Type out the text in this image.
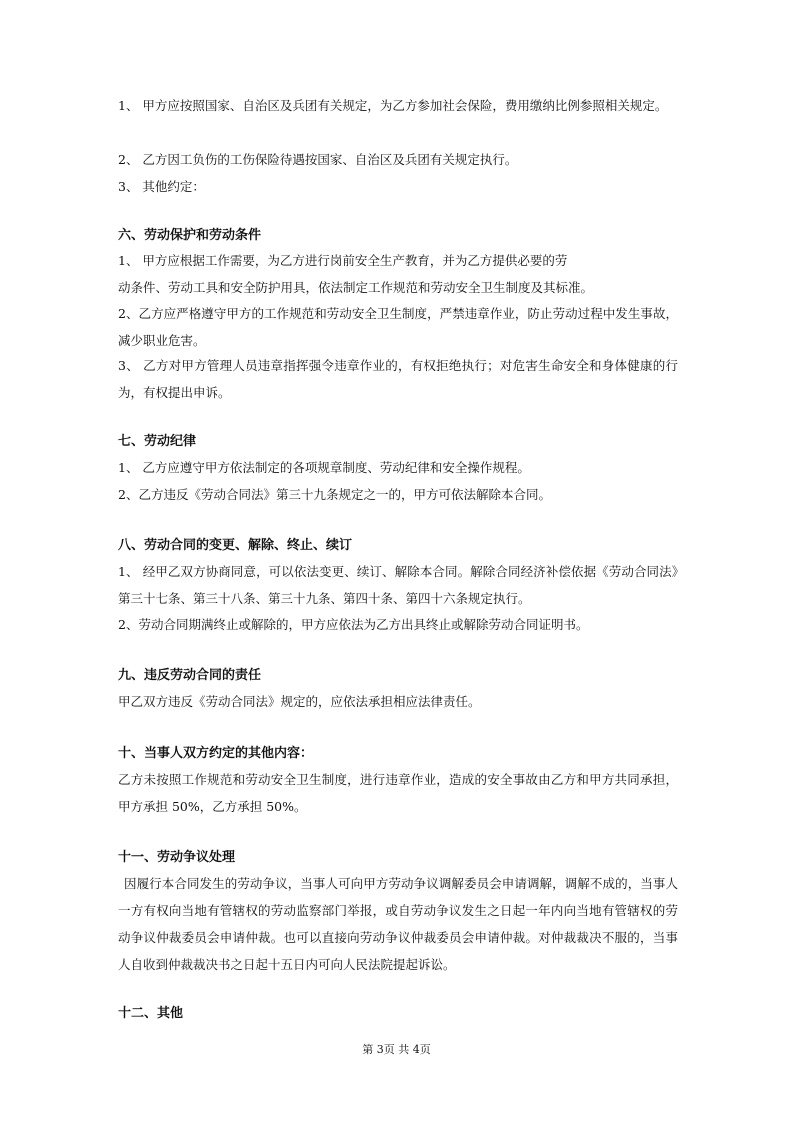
1、 甲方应按照国家、自治区及兵团有关规定，为乙方参加社会保险，费用缴纳比例参照相关规定。

2、 乙方因工负伤的工伤保险待遇按国家、自治区及兵团有关规定执行。

3、 其他约定：

六、劳动保护和劳动条件

1、 甲方应根据工作需要，为乙方进行岗前安全生产教育，并为乙方提供必要的劳

动条件、劳动工具和安全防护用具，依法制定工作规范和劳动安全卫生制度及其标准。

2、乙方应严格遵守甲方的工作规范和劳动安全卫生制度，严禁违章作业，防止劳动过程中发生事故，减少职业危害。

3、 乙方对甲方管理人员违章指挥强令违章作业的，有权拒绝执行；对危害生命安全和身体健康的行为，有权提出申诉。

七、劳动纪律

1、 乙方应遵守甲方依法制定的各项规章制度、劳动纪律和安全操作规程。

2、乙方违反《劳动合同法》第三十九条规定之一的，甲方可依法解除本合同。

八、劳动合同的变更、解除、终止、续订

1、 经甲乙双方协商同意，可以依法变更、续订、解除本合同。解除合同经济补偿依据《劳动合同法》第三十七条、第三十八条、第三十九条、第四十条、第四十六条规定执行。

2、劳动合同期满终止或解除的，甲方应依法为乙方出具终止或解除劳动合同证明书。

九、违反劳动合同的责任

甲乙双方违反《劳动合同法》规定的，应依法承担相应法律责任。

十、当事人双方约定的其他内容：

乙方未按照工作规范和劳动安全卫生制度，进行违章作业，造成的安全事故由乙方和甲方共同承担，甲方承担 50%，乙方承担 50%。

十一、劳动争议处理

因履行本合同发生的劳动争议，当事人可向甲方劳动争议调解委员会申请调解，调解不成的，当事人一方有权向当地有管辖权的劳动监察部门举报，或自劳动争议发生之日起一年内向当地有管辖权的劳动争议仲裁委员会申请仲裁。也可以直接向劳动争议仲裁委员会申请仲裁。对仲裁裁决不服的，当事人自收到仲裁裁决书之日起十五日内可向人民法院提起诉讼。

十二、其他

第 3页 共 4页
